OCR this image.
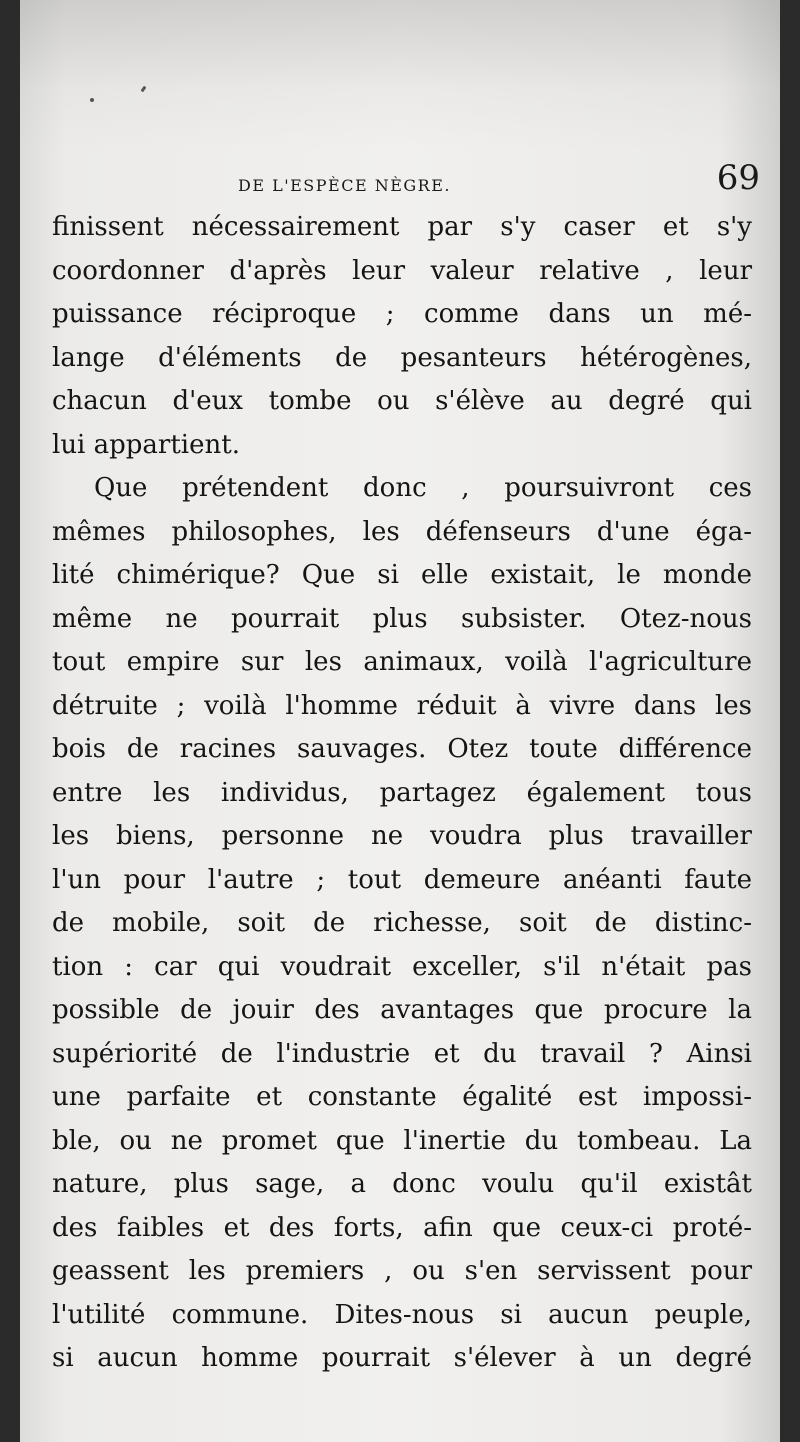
DE L'ESPÈCE NÈGRE.	69
finissent nécessairement par s'y caser et s'y
coordonner d'après leur valeur relative , leur
puissance réciproque ; comme dans un mé-
lange d'éléments de pesanteurs hétérogènes,
chacun d'eux tombe ou s'élève au degré qui
lui appartient.
Que prétendent donc , poursuivront ces
mêmes philosophes, les défenseurs d'une éga-
lité chimérique? Que si elle existait, le monde
même ne pourrait plus subsister. Otez-nous
tout empire sur les animaux, voilà l'agriculture
détruite ; voilà l'homme réduit à vivre dans les
bois de racines sauvages. Otez toute différence
entre les individus, partagez également tous
les biens, personne ne voudra plus travailler
l'un pour l'autre ; tout demeure anéanti faute
de mobile, soit de richesse, soit de distinc-
tion : car qui voudrait exceller, s'il n'était pas
possible de jouir des avantages que procure la
supériorité de l'industrie et du travail ? Ainsi
une parfaite et constante égalité est impossi-
ble, ou ne promet que l'inertie du tombeau. La
nature, plus sage, a donc voulu qu'il existât
des faibles et des forts, afin que ceux-ci proté-
geassent les premiers , ou s'en servissent pour
l'utilité commune. Dites-nous si aucun peuple,
si aucun homme pourrait s'élever à un degré
